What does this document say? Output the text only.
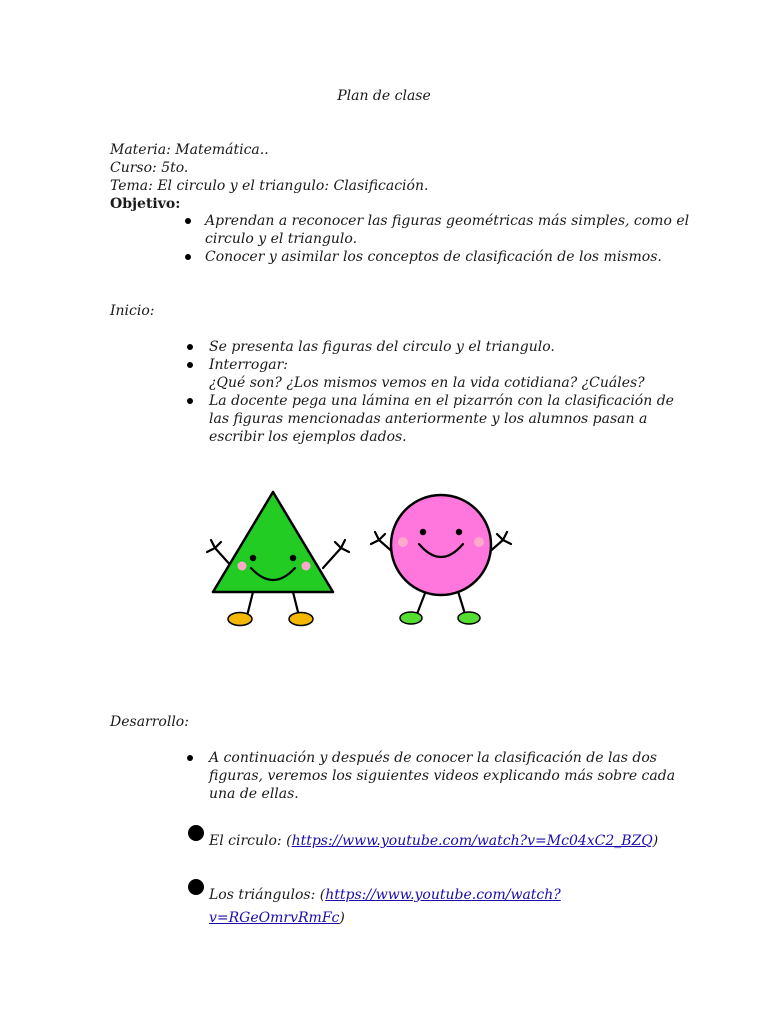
Plan de clase
Materia: Matemática..
Curso: 5to.
Tema: El circulo y el triangulo: Clasificación.
Objetivo:
Aprendan a reconocer las figuras geométricas más simples, como el
circulo y el triangulo.
Conocer y asimilar los conceptos de clasificación de los mismos.
Inicio:
Se presenta las figuras del circulo y el triangulo.
Interrogar:
¿Qué son? ¿Los mismos vemos en la vida cotidiana? ¿Cuáles?
La docente pega una lámina en el pizarrón con la clasificación de
las figuras mencionadas anteriormente y los alumnos pasan a
escribir los ejemplos dados.
Desarrollo:
A continuación y después de conocer la clasificación de las dos
figuras, veremos los siguientes videos explicando más sobre cada
una de ellas.
El circulo: (https://www.youtube.com/watch?v=Mc04xC2_BZQ)
Los triángulos: (https://www.youtube.com/watch?
v=RGeOmrvRmFc)
